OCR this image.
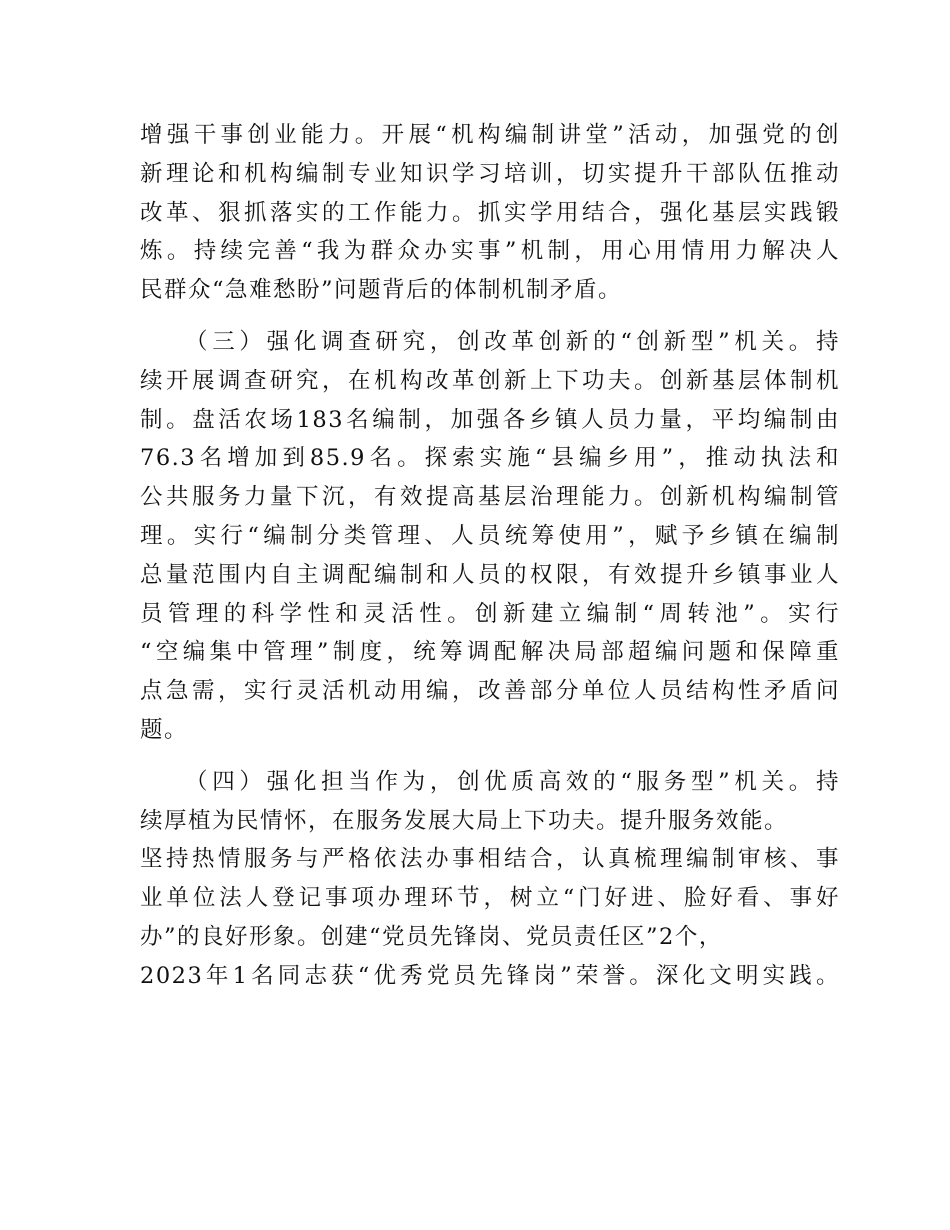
增强干事创业能力。开展“机构编制讲堂”活动，加强党的创
新理论和机构编制专业知识学习培训，切实提升干部队伍推动
改革、狠抓落实的工作能力。抓实学用结合，强化基层实践锻
炼。持续完善“我为群众办实事”机制，用心用情用力解决人
民群众“急难愁盼”问题背后的体制机制矛盾。
（三）强化调查研究，创改革创新的“创新型”机关。持
续开展调查研究，在机构改革创新上下功夫。创新基层体制机
制。盘活农场183名编制，加强各乡镇人员力量，平均编制由
76.3名增加到85.9名。探索实施“县编乡用”，推动执法和
公共服务力量下沉，有效提高基层治理能力。创新机构编制管
理。实行“编制分类管理、人员统筹使用”，赋予乡镇在编制
总量范围内自主调配编制和人员的权限，有效提升乡镇事业人
员管理的科学性和灵活性。创新建立编制“周转池”。实行
“空编集中管理”制度，统筹调配解决局部超编问题和保障重
点急需，实行灵活机动用编，改善部分单位人员结构性矛盾问
题。
（四）强化担当作为，创优质高效的“服务型”机关。持
续厚植为民情怀，在服务发展大局上下功夫。提升服务效能。
坚持热情服务与严格依法办事相结合，认真梳理编制审核、事
业单位法人登记事项办理环节，树立“门好进、脸好看、事好
办”的良好形象。创建“党员先锋岗、党员责任区”2个，
2023年1名同志获“优秀党员先锋岗”荣誉。深化文明实践。
